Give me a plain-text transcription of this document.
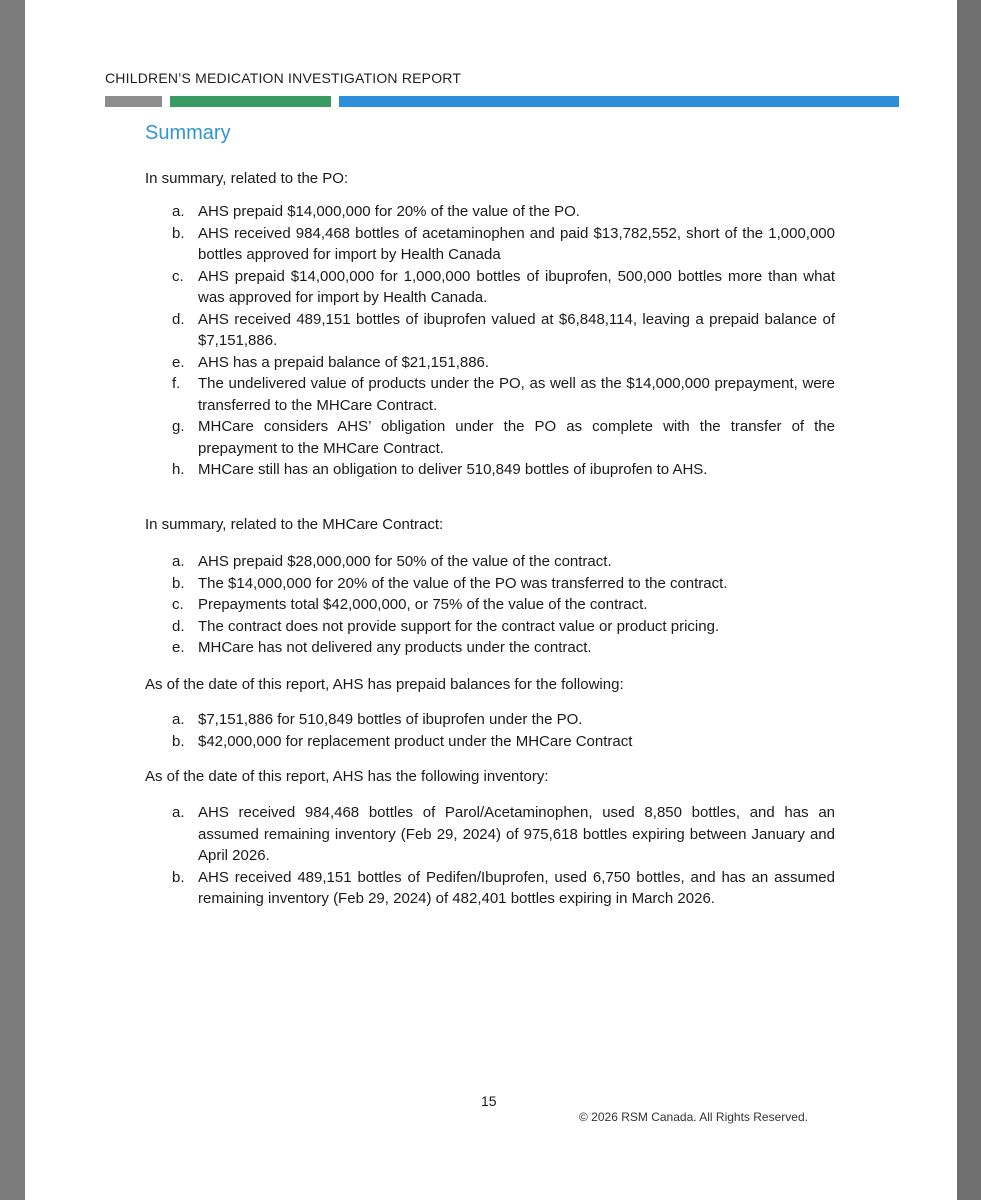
CHILDREN’S MEDICATION INVESTIGATION REPORT
Summary
In summary, related to the PO:
a. AHS prepaid $14,000,000 for 20% of the value of the PO.
b. AHS received 984,468 bottles of acetaminophen and paid $13,782,552, short of the 1,000,000 bottles approved for import by Health Canada
c. AHS prepaid $14,000,000 for 1,000,000 bottles of ibuprofen, 500,000 bottles more than what was approved for import by Health Canada.
d. AHS received 489,151 bottles of ibuprofen valued at $6,848,114, leaving a prepaid balance of $7,151,886.
e. AHS has a prepaid balance of $21,151,886.
f. The undelivered value of products under the PO, as well as the $14,000,000 prepayment, were transferred to the MHCare Contract.
g. MHCare considers AHS’ obligation under the PO as complete with the transfer of the prepayment to the MHCare Contract.
h. MHCare still has an obligation to deliver 510,849 bottles of ibuprofen to AHS.
In summary, related to the MHCare Contract:
a. AHS prepaid $28,000,000 for 50% of the value of the contract.
b. The $14,000,000 for 20% of the value of the PO was transferred to the contract.
c. Prepayments total $42,000,000, or 75% of the value of the contract.
d. The contract does not provide support for the contract value or product pricing.
e. MHCare has not delivered any products under the contract.
As of the date of this report, AHS has prepaid balances for the following:
a. $7,151,886 for 510,849 bottles of ibuprofen under the PO.
b. $42,000,000 for replacement product under the MHCare Contract
As of the date of this report, AHS has the following inventory:
a. AHS received 984,468 bottles of Parol/Acetaminophen, used 8,850 bottles, and has an assumed remaining inventory (Feb 29, 2024) of 975,618 bottles expiring between January and April 2026.
b. AHS received 489,151 bottles of Pedifen/Ibuprofen, used 6,750 bottles, and has an assumed remaining inventory (Feb 29, 2024) of 482,401 bottles expiring in March 2026.
15
© 2026 RSM Canada. All Rights Reserved.
